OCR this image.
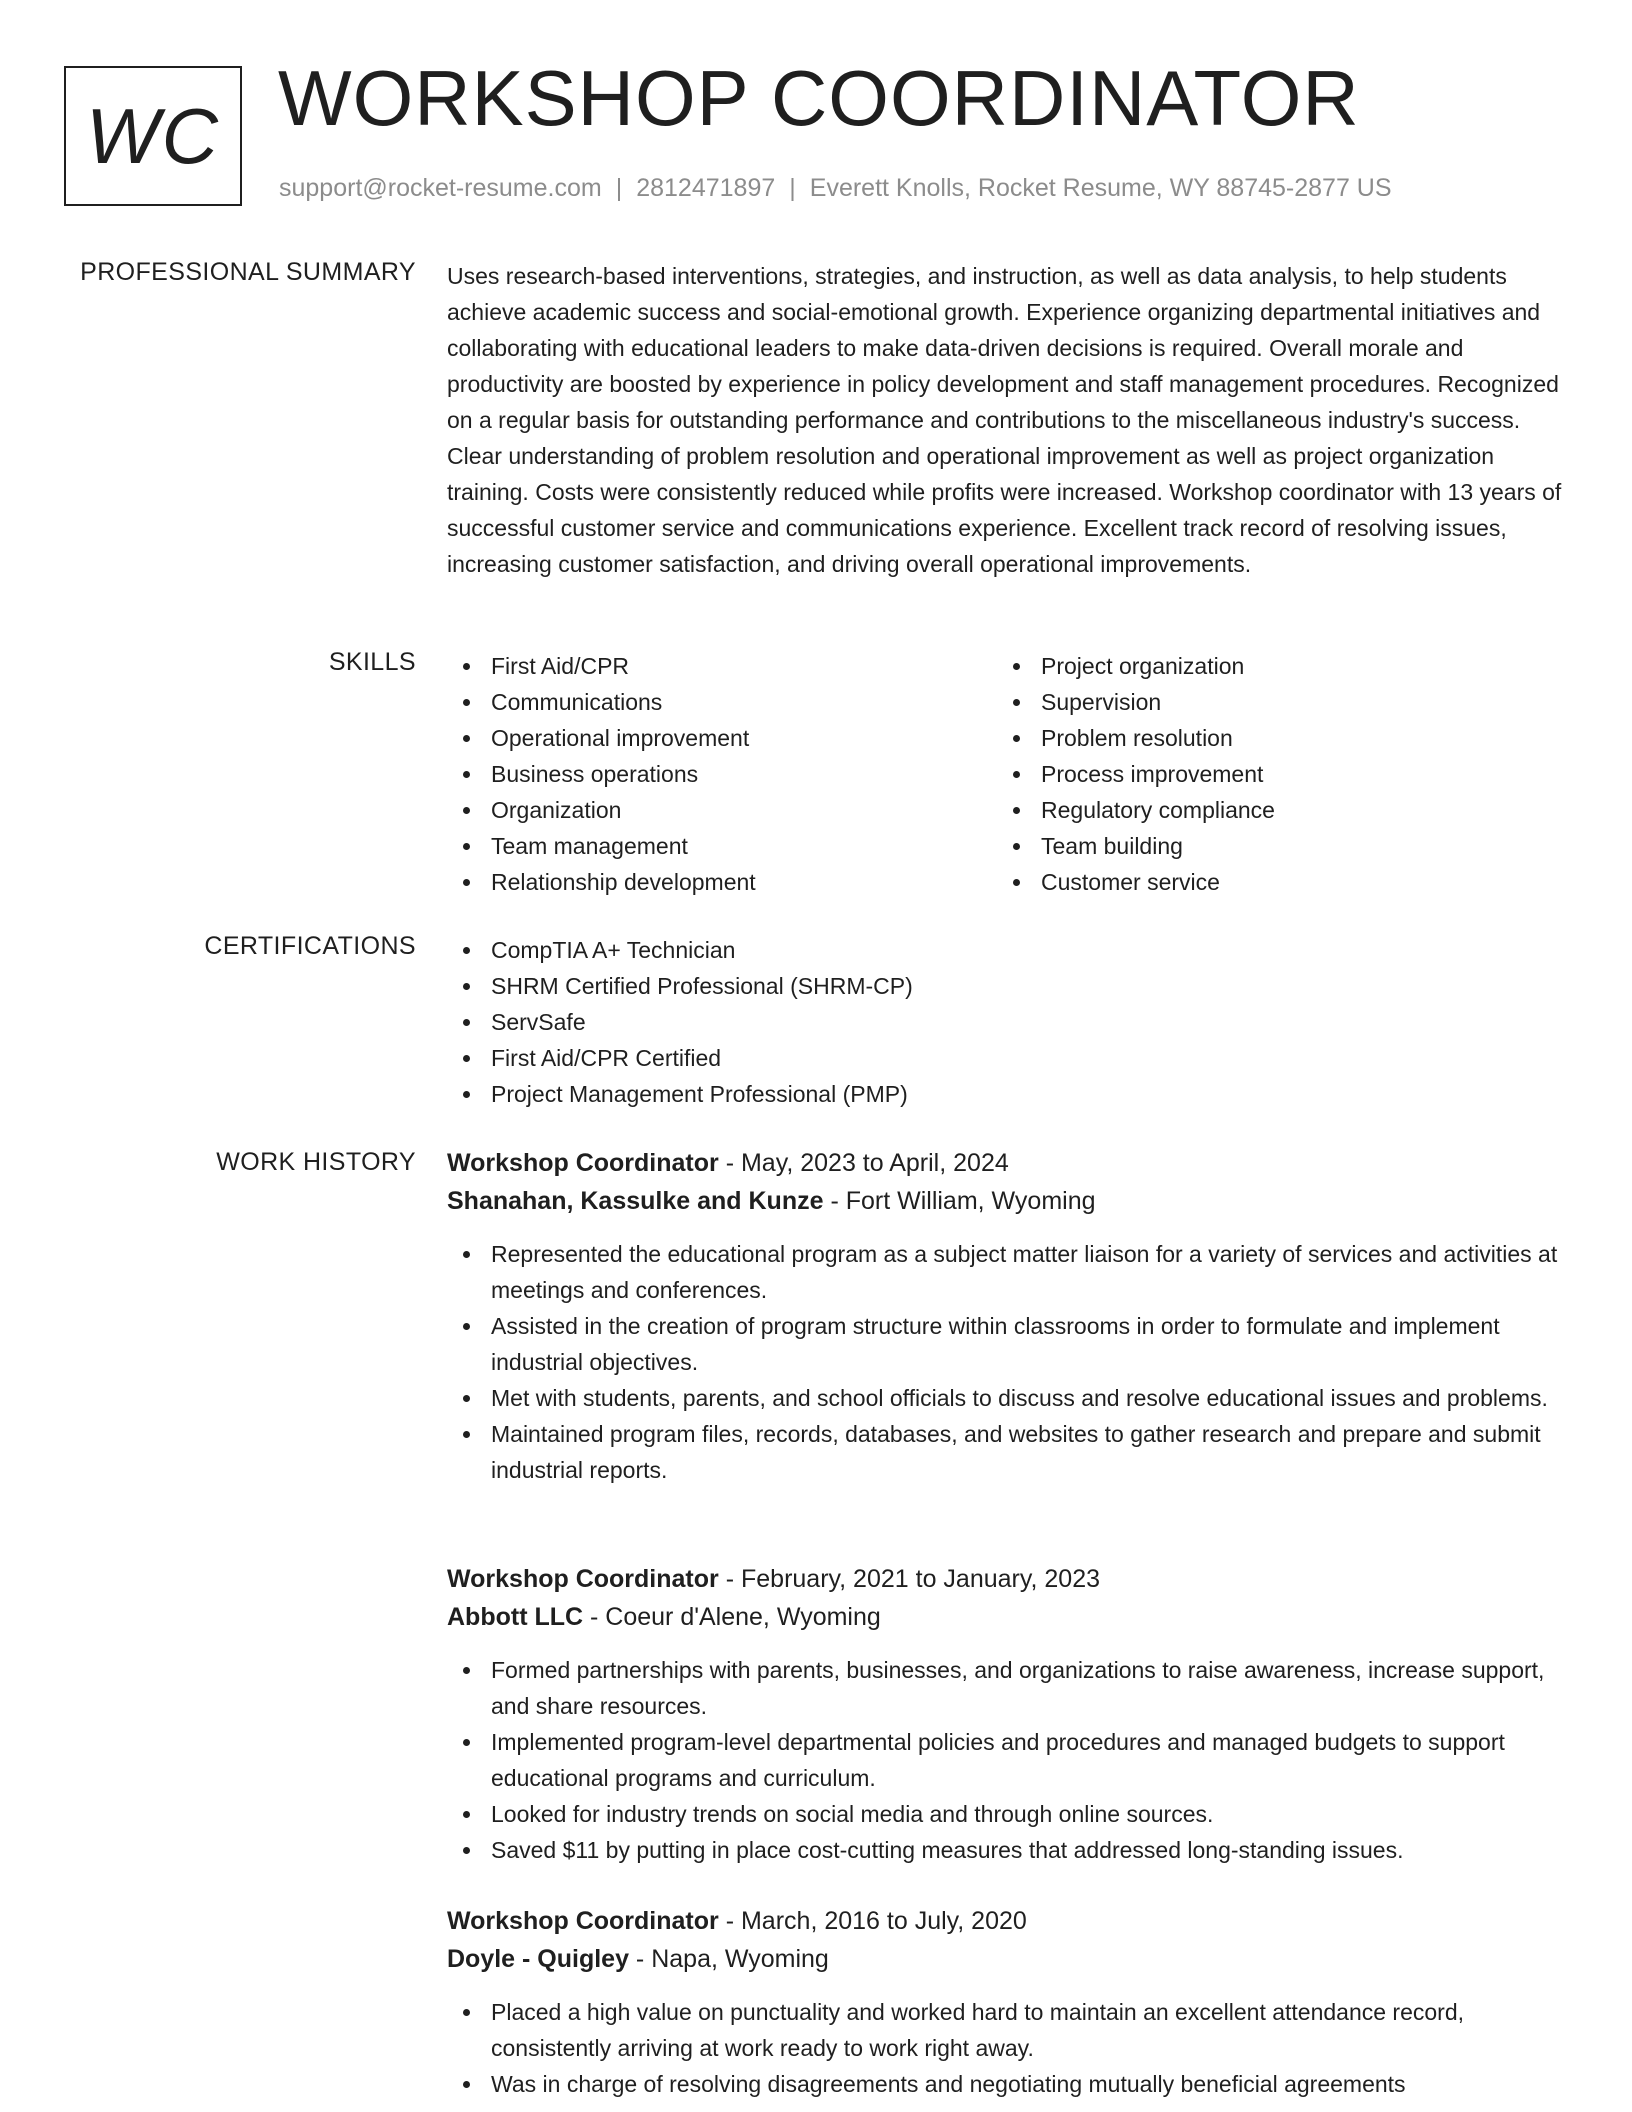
WC WORKSHOP COORDINATOR
support@rocket-resume.com | 2812471897 | Everett Knolls, Rocket Resume, WY 88745-2877 US
PROFESSIONAL SUMMARY Uses research-based interventions, strategies, and instruction, as well as data analysis, to help students achieve academic success and social-emotional growth. Experience organizing departmental initiatives and collaborating with educational leaders to make data-driven decisions is required. Overall morale and productivity are boosted by experience in policy development and staff management procedures. Recognized on a regular basis for outstanding performance and contributions to the miscellaneous industry's success. Clear understanding of problem resolution and operational improvement as well as project organization training. Costs were consistently reduced while profits were increased. Workshop coordinator with 13 years of successful customer service and communications experience. Excellent track record of resolving issues, increasing customer satisfaction, and driving overall operational improvements.

SKILLS	First Aid/CPR
Communications
Operational improvement
Business operations
Organization
Team management
Relationship development
Project organization
Supervision
Problem resolution
Process improvement
Regulatory compliance
Team building
Customer service
CERTIFICATIONS	CompTIA A+ Technician
SHRM Certified Professional (SHRM-CP)
ServSafe
First Aid/CPR Certified
Project Management Professional (PMP)
WORK HISTORY Workshop Coordinator - May, 2023 to April, 2024
Shanahan, Kassulke and Kunze - Fort William, Wyoming
Represented the educational program as a subject matter liaison for a variety of services and activities at meetings and conferences.
Assisted in the creation of program structure within classrooms in order to formulate and implement industrial objectives.
Met with students, parents, and school officials to discuss and resolve educational issues and problems.
Maintained program files, records, databases, and websites to gather research and prepare and submit industrial reports.
Workshop Coordinator - February, 2021 to January, 2023
Abbott LLC - Coeur d'Alene, Wyoming
Formed partnerships with parents, businesses, and organizations to raise awareness, increase support, and share resources.
Implemented program-level departmental policies and procedures and managed budgets to support educational programs and curriculum.
Looked for industry trends on social media and through online sources.
Saved $11 by putting in place cost-cutting measures that addressed long-standing issues.
Workshop Coordinator - March, 2016 to July, 2020
Doyle - Quigley - Napa, Wyoming
Placed a high value on punctuality and worked hard to maintain an excellent attendance record, consistently arriving at work ready to work right away.
Was in charge of resolving disagreements and negotiating mutually beneficial agreements
